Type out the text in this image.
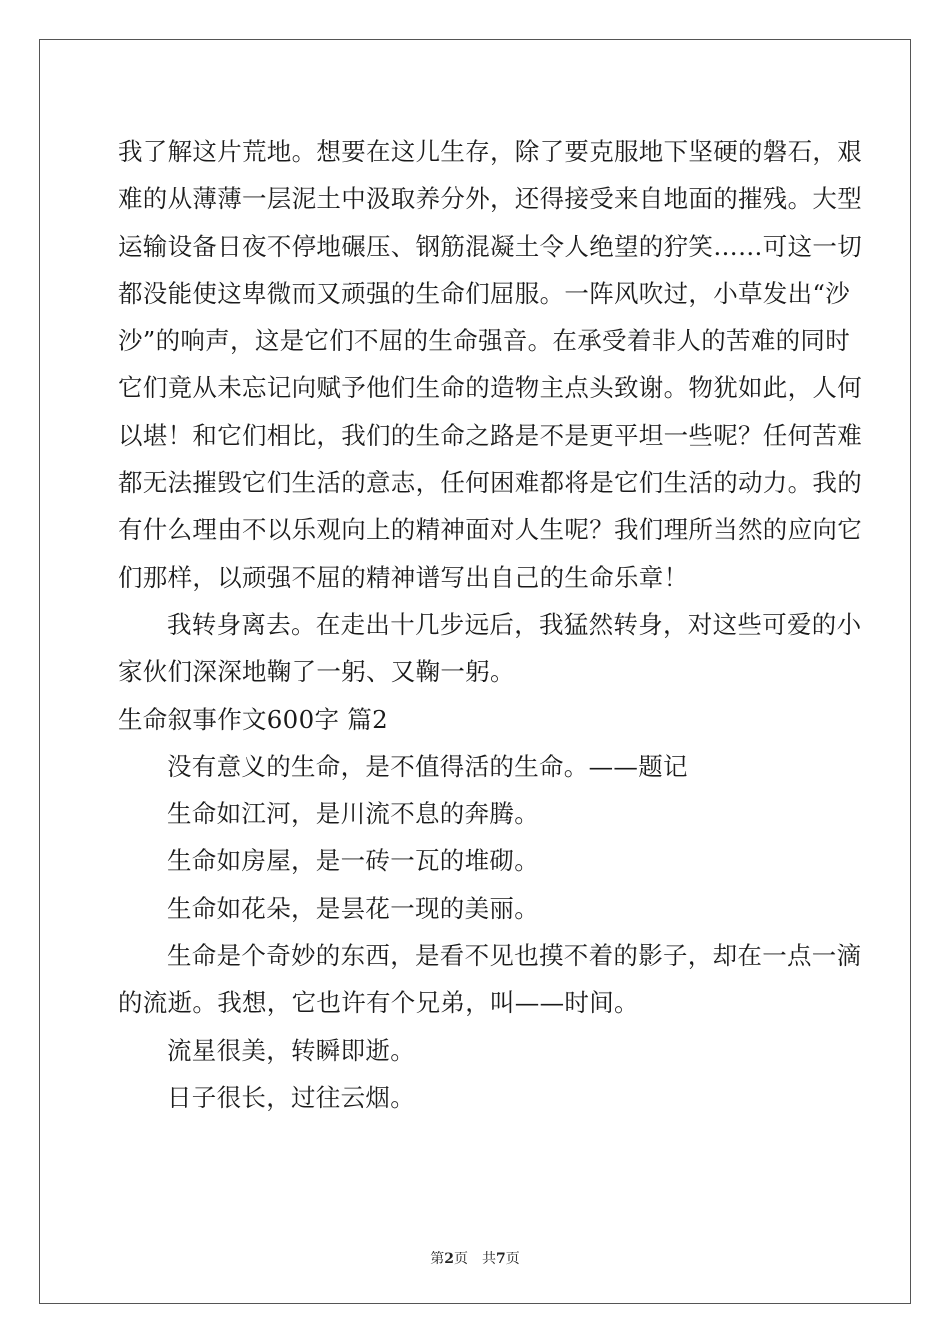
我了解这片荒地。想要在这儿生存，除了要克服地下坚硬的磐石，艰
难的从薄薄一层泥土中汲取养分外，还得接受来自地面的摧残。大型
运输设备日夜不停地碾压、钢筋混凝土令人绝望的狞笑……可这一切
都没能使这卑微而又顽强的生命们屈服。一阵风吹过，小草发出“沙
沙”的响声，这是它们不屈的生命强音。在承受着非人的苦难的同时
它们竟从未忘记向赋予他们生命的造物主点头致谢。物犹如此，人何
以堪！和它们相比，我们的生命之路是不是更平坦一些呢？任何苦难
都无法摧毁它们生活的意志，任何困难都将是它们生活的动力。我的
有什么理由不以乐观向上的精神面对人生呢？我们理所当然的应向它
们那样，以顽强不屈的精神谱写出自己的生命乐章！
我转身离去。在走出十几步远后，我猛然转身，对这些可爱的小
家伙们深深地鞠了一躬、又鞠一躬。
生命叙事作文600字 篇2
没有意义的生命，是不值得活的生命。——题记
生命如江河，是川流不息的奔腾。
生命如房屋，是一砖一瓦的堆砌。
生命如花朵，是昙花一现的美丽。
生命是个奇妙的东西，是看不见也摸不着的影子，却在一点一滴
的流逝。我想，它也许有个兄弟，叫——时间。
流星很美，转瞬即逝。
日子很长，过往云烟。
第2页　共7页
